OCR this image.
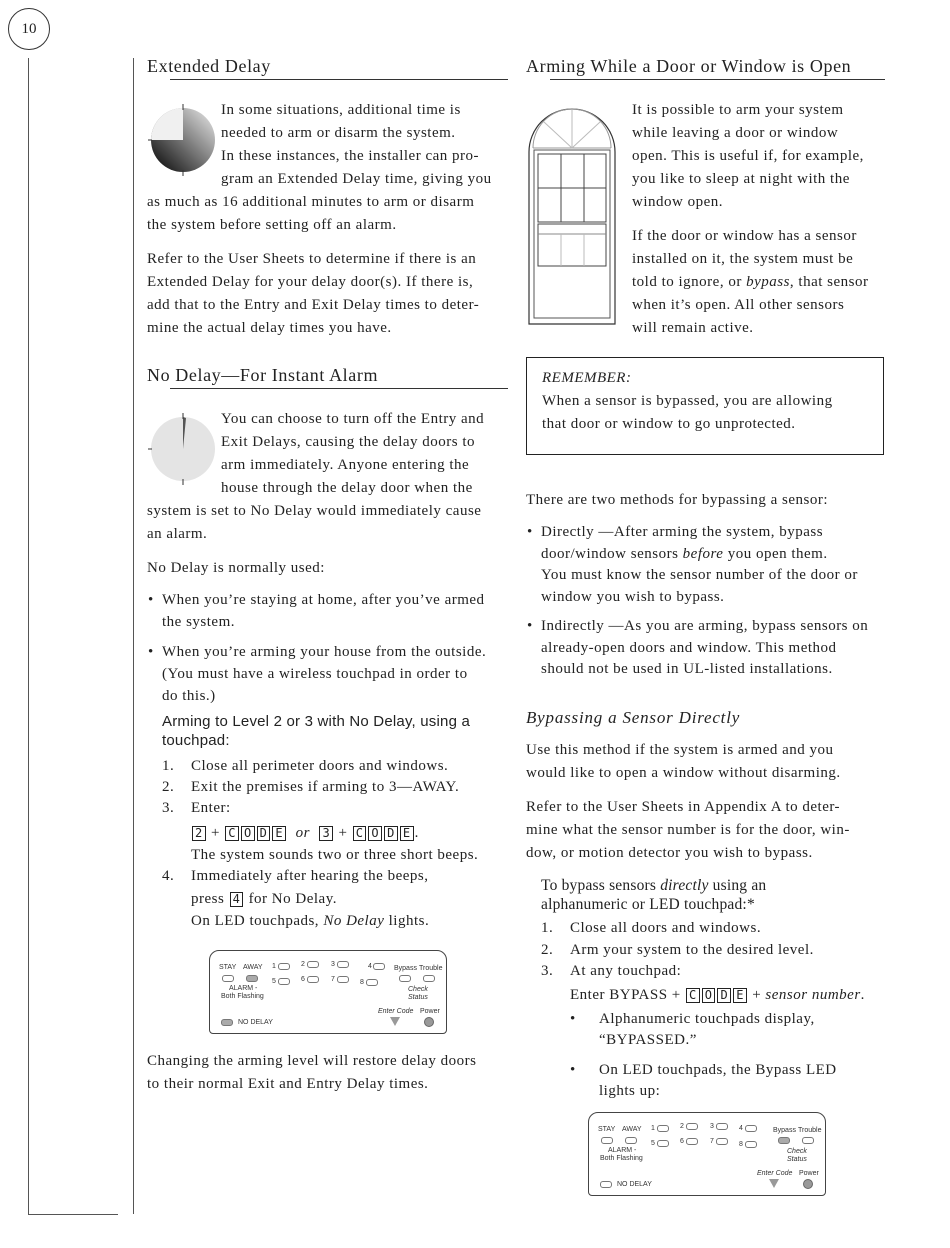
10
Extended Delay

In some situations, additional time is

needed to arm or disarm the system.

In these instances, the installer can pro-

gram an Extended Delay time, giving you

as much as 16 additional minutes to arm or disarm

the system before setting off an alarm.

Refer to the User Sheets to determine if there is an

Extended Delay for your delay door(s). If there is,

add that to the Entry and Exit Delay times to deter-

mine the actual delay times you have.

No Delay—For Instant Alarm

You can choose to turn off the Entry and

Exit Delays, causing the delay doors to

arm immediately. Anyone entering the

house through the delay door when the

system is set to No Delay would immediately cause

an alarm.

No Delay is normally used:

• When you’re staying at home, after you’ve armed

the system.

• When you’re arming your house from the outside.

(You must have a wireless touchpad in order to

do this.)

Arming to Level 2 or 3 with No Delay, using a

touchpad:

1. Close all perimeter doors and windows.
2. Exit the premises if arming to 3—AWAY.
3. Enter:
2 + C O D E or 3 + C O D E .
The system sounds two or three short beeps.
4. Immediately after hearing the beeps,
press 4 for No Delay.
On LED touchpads, No Delay lights.
STAY AWAY
ALARM -
Both Flashing
1	2	3	4
5	6	7	8
Bypass Trouble
Check
Status
Enter Code Power
NO DELAY

Changing the arming level will restore delay doors

to their normal Exit and Entry Delay times.

Arming While a Door or Window is Open

It is possible to arm your system

while leaving a door or window

open. This is useful if, for example,

you like to sleep at night with the

window open.

If the door or window has a sensor

installed on it, the system must be

told to ignore, or bypass, that sensor

when it’s open. All other sensors

will remain active.

REMEMBER:

When a sensor is bypassed, you are allowing

that door or window to go unprotected.

There are two methods for bypassing a sensor:

• Directly —After arming the system, bypass

door/window sensors before you open them.

You must know the sensor number of the door or

window you wish to bypass.

• Indirectly —As you are arming, bypass sensors on

already-open doors and window. This method

should not be used in UL-listed installations.

Bypassing a Sensor Directly

Use this method if the system is armed and you

would like to open a window without disarming.

Refer to the User Sheets in Appendix A to deter-

mine what the sensor number is for the door, win-

dow, or motion detector you wish to bypass.

To bypass sensors directly using an

alphanumeric or LED touchpad:*

1. Close all doors and windows.
2. Arm your system to the desired level.
3. At any touchpad:
Enter BYPASS + C O D E + sensor number.

• Alphanumeric touchpads display,

“BYPASSED.”

• On LED touchpads, the Bypass LED

lights up:

STAY AWAY
ALARM -
Both Flashing
1	2	3	4
5	6	7	8
Bypass Trouble
Check
Status
Enter Code Power
NO DELAY
